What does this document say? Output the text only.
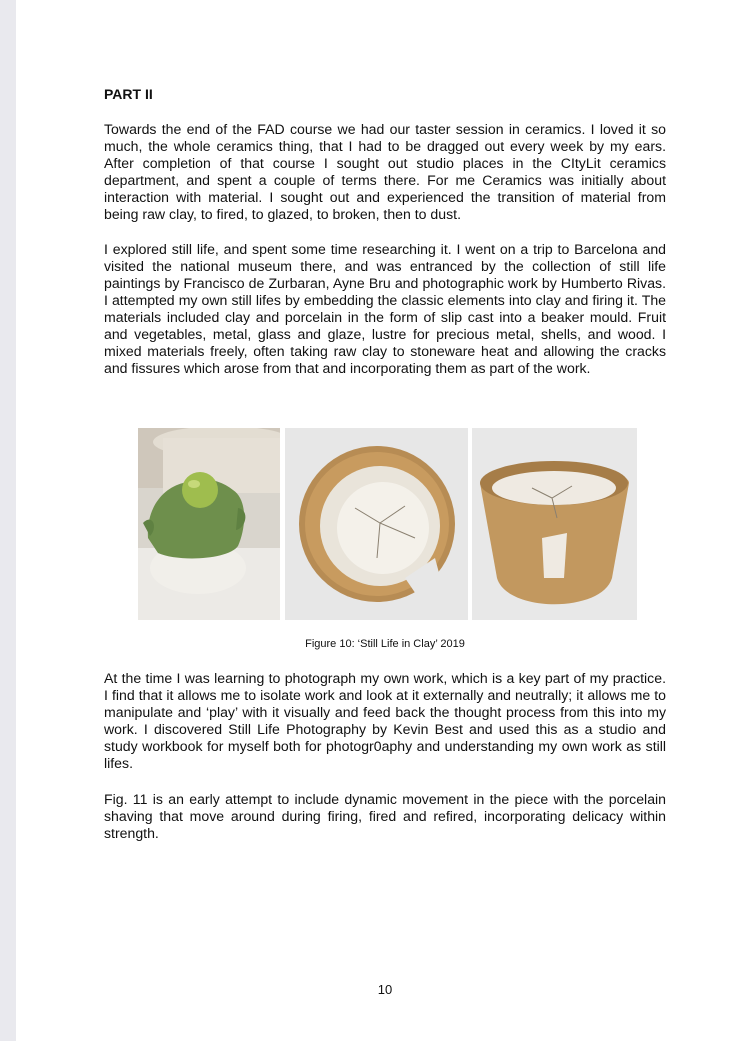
PART II

Towards the end of the FAD course we had our taster session in ceramics. I loved it so much, the whole ceramics thing, that I had to be dragged out every week by my ears. After completion of that course I sought out studio places in the CItyLit ceramics department, and spent a couple of terms there. For me Ceramics was initially about interaction with material. I sought out and experienced the transition of material from being raw clay, to fired, to glazed, to broken, then to dust.

I explored still life, and spent some time researching it. I went on a trip to Barcelona and visited the national museum there, and was entranced by the collection of still life paintings by Francisco de Zurbaran, Ayne Bru and photographic work by Humberto Rivas. I attempted my own still lifes by embedding the classic elements into clay and firing it. The materials included clay and porcelain in the form of slip cast into a beaker mould. Fruit and vegetables, metal, glass and glaze, lustre for precious metal, shells, and wood. I mixed materials freely, often taking raw clay to stoneware heat and allowing the cracks and fissures which arose from that and incorporating them as part of the work.

Figure 10: ‘Still Life in Clay’ 2019

At the time I was learning to photograph my own work, which is a key part of my practice. I find that it allows me to isolate work and look at it externally and neutrally; it allows me to manipulate and ‘play’ with it visually and feed back the thought process from this into my work. I discovered Still Life Photography by Kevin Best and used this as a studio and study workbook for myself both for photogr0aphy and understanding my own work as still lifes.

Fig. 11 is an early attempt to include dynamic movement in the piece with the porcelain shaving that move around during firing, fired and refired, incorporating delicacy within strength.

10
